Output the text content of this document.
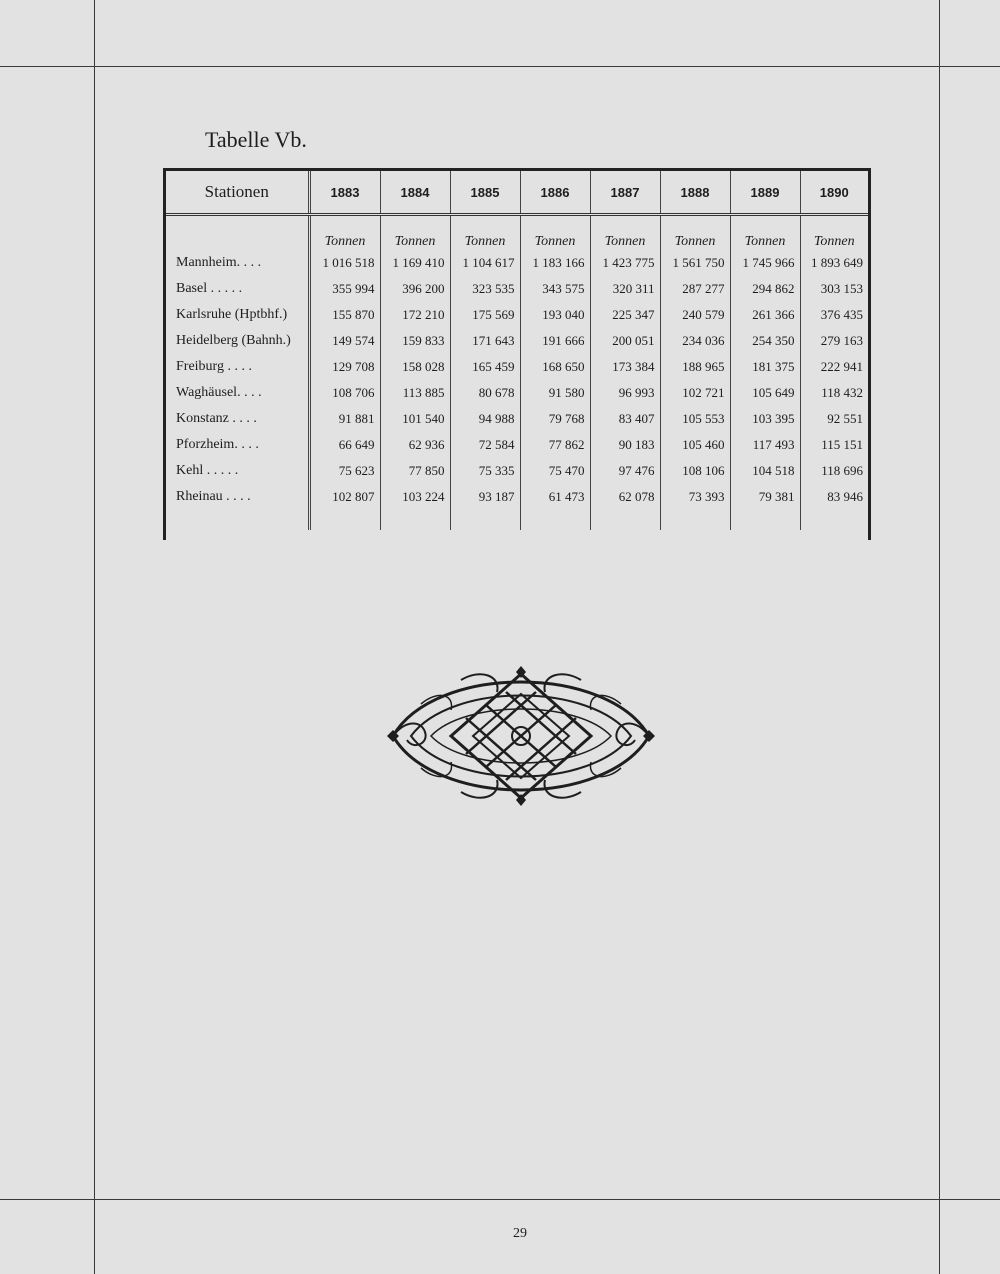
Tabelle Vb.
Stationen	1883	1884	1885	1886	1887	1888	1889	1890
	Tonnen	Tonnen	Tonnen	Tonnen	Tonnen	Tonnen	Tonnen	Tonnen
Mannheim. . . .	1 016 518	1 169 410	1 104 617	1 183 166	1 423 775	1 561 750	1 745 966	1 893 649
Basel . . . . .	355 994	396 200	323 535	343 575	320 311	287 277	294 862	303 153
Karlsruhe (Hptbhf.)	155 870	172 210	175 569	193 040	225 347	240 579	261 366	376 435
Heidelberg (Bahnh.)	149 574	159 833	171 643	191 666	200 051	234 036	254 350	279 163
Freiburg . . . .	129 708	158 028	165 459	168 650	173 384	188 965	181 375	222 941
Waghäusel. . . .	108 706	113 885	80 678	91 580	96 993	102 721	105 649	118 432
Konstanz . . . .	91 881	101 540	94 988	79 768	83 407	105 553	103 395	92 551
Pforzheim. . . .	66 649	62 936	72 584	77 862	90 183	105 460	117 493	115 151
Kehl . . . . .	75 623	77 850	75 335	75 470	97 476	108 106	104 518	118 696
Rheinau . . . .	102 807	103 224	93 187	61 473	62 078	73 393	79 381	83 946

29
